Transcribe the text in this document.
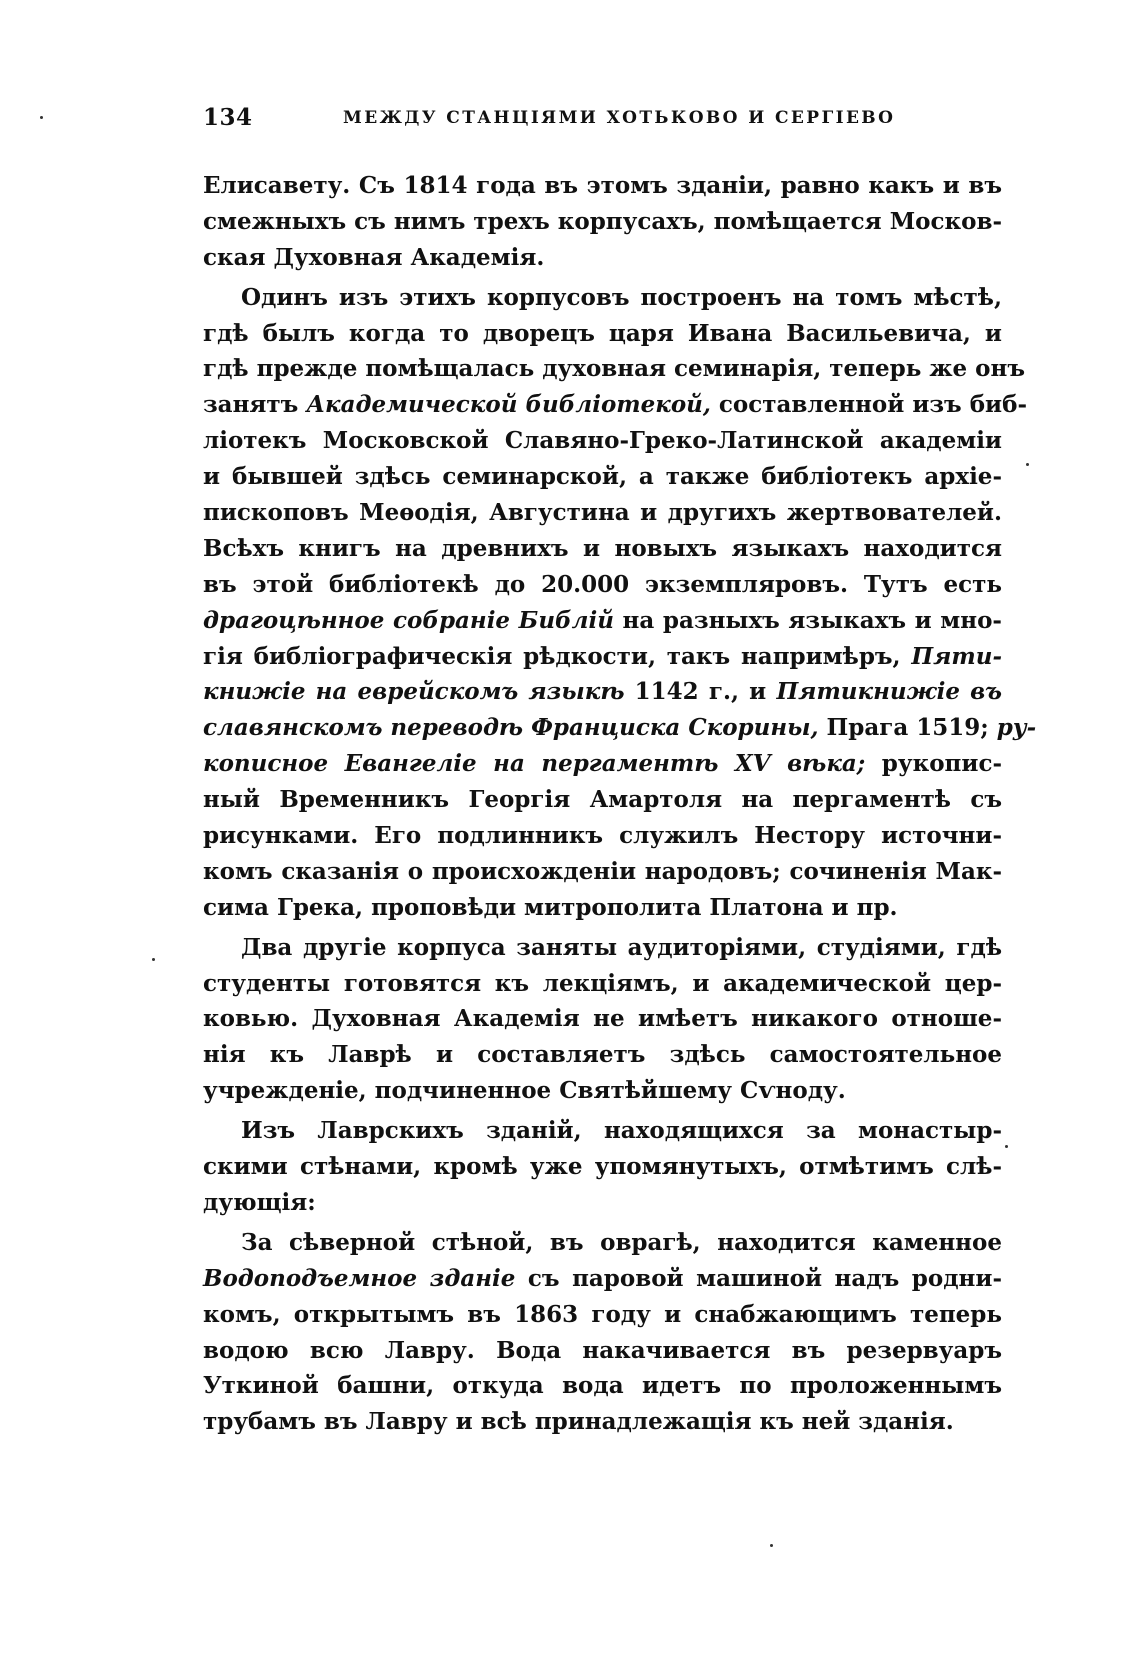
134	МЕЖДУ СТАНЦІЯМИ ХОТЬКОВО И СЕРГІЕВО
Елисавету. Съ 1814 года въ этомъ зданіи, равно какъ и въ
смежныхъ съ нимъ трехъ корпусахъ, помѣщается Москов-
ская Духовная Академія.
Одинъ изъ этихъ корпусовъ построенъ на томъ мѣстѣ,
гдѣ былъ когда то дворецъ царя Ивана Васильевича, и
гдѣ прежде помѣщалась духовная семинарія, теперь же онъ
занятъ Академической библіотекой, составленной изъ биб-
ліотекъ Московской Славяно-Греко-Латинской академіи
и бывшей здѣсь семинарской, а также библіотекъ архіе-
пископовъ Меѳодія, Августина и другихъ жертвователей.
Всѣхъ книгъ на древнихъ и новыхъ языкахъ находится
въ этой библіотекѣ до 20.000 экземпляровъ. Тутъ есть
драгоцѣнное собраніе Библій на разныхъ языкахъ и мно-
гія библіографическія рѣдкости, такъ напримѣръ, Пяти-
книжіе на еврейскомъ языкѣ 1142 г., и Пятикнижіе въ
славянскомъ переводѣ Франциска Скорины, Прага 1519; ру-
кописное Евангеліе на пергаментѣ XV вѣка; рукопис-
ный Временникъ Георгія Амартоля на пергаментѣ съ
рисунками. Его подлинникъ служилъ Нестору источни-
комъ сказанія о происхожденіи народовъ; сочиненія Мак-
сима Грека, проповѣди митрополита Платона и пр.
Два другіе корпуса заняты аудиторіями, студіями, гдѣ
студенты готовятся къ лекціямъ, и академической цер-
ковью. Духовная Академія не имѣетъ никакого отноше-
нія къ Лаврѣ и составляетъ здѣсь самостоятельное
учрежденіе, подчиненное Святѣйшему Сѵноду.
Изъ Лаврскихъ зданій, находящихся за монастыр-
скими стѣнами, кромѣ уже упомянутыхъ, отмѣтимъ слѣ-
дующія:
За сѣверной стѣной, въ оврагѣ, находится каменное
Водоподъемное зданіе съ паровой машиной надъ родни-
комъ, открытымъ въ 1863 году и снабжающимъ теперь
водою всю Лавру. Вода накачивается въ резервуаръ
Уткиной башни, откуда вода идетъ по проложеннымъ
трубамъ въ Лавру и всѣ принадлежащія къ ней зданія.
